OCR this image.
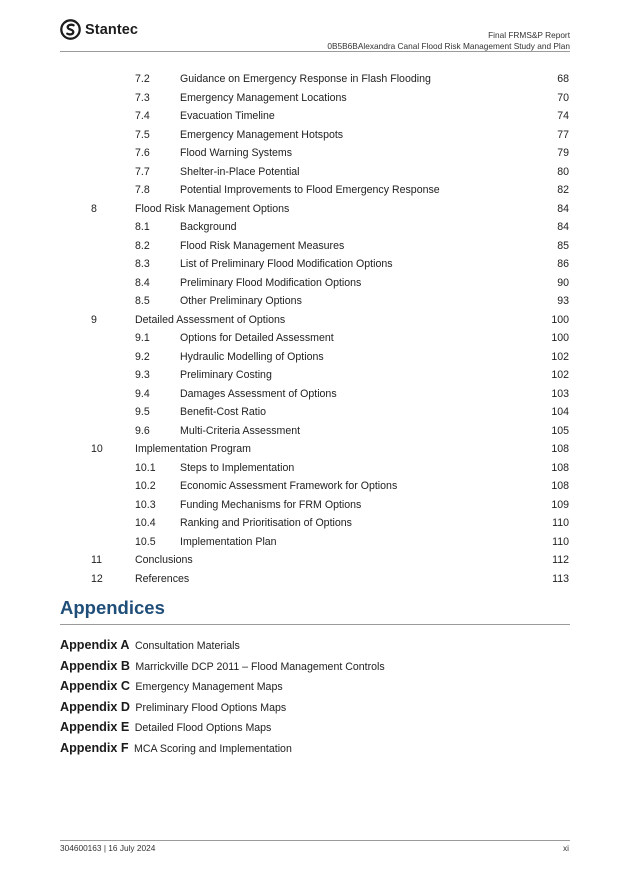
Stantec	Final FRMS&P Report
0B5B6BAlexandra Canal Flood Risk Management Study and Plan
7.2	Guidance on Emergency Response in Flash Flooding	68
7.3	Emergency Management Locations	70
7.4	Evacuation Timeline	74
7.5	Emergency Management Hotspots	77
7.6	Flood Warning Systems	79
7.7	Shelter-in-Place Potential	80
7.8	Potential Improvements to Flood Emergency Response	82
8	Flood Risk Management Options	84
8.1	Background	84
8.2	Flood Risk Management Measures	85
8.3	List of Preliminary Flood Modification Options	86
8.4	Preliminary Flood Modification Options	90
8.5	Other Preliminary Options	93
9	Detailed Assessment of Options	100
9.1	Options for Detailed Assessment	100
9.2	Hydraulic Modelling of Options	102
9.3	Preliminary Costing	102
9.4	Damages Assessment of Options	103
9.5	Benefit-Cost Ratio	104
9.6	Multi-Criteria Assessment	105
10	Implementation Program	108
10.1 Steps to Implementation	108
10.2 Economic Assessment Framework for Options	108
10.3 Funding Mechanisms for FRM Options	109
10.4 Ranking and Prioritisation of Options	110
10.5 Implementation Plan	110
11	Conclusions	112
12	References	113
Appendices
Appendix A Consultation Materials
Appendix B Marrickville DCP 2011 – Flood Management Controls
Appendix C Emergency Management Maps
Appendix D Preliminary Flood Options Maps
Appendix E Detailed Flood Options Maps
Appendix F MCA Scoring and Implementation
304600163 | 16 July 2024	xi
